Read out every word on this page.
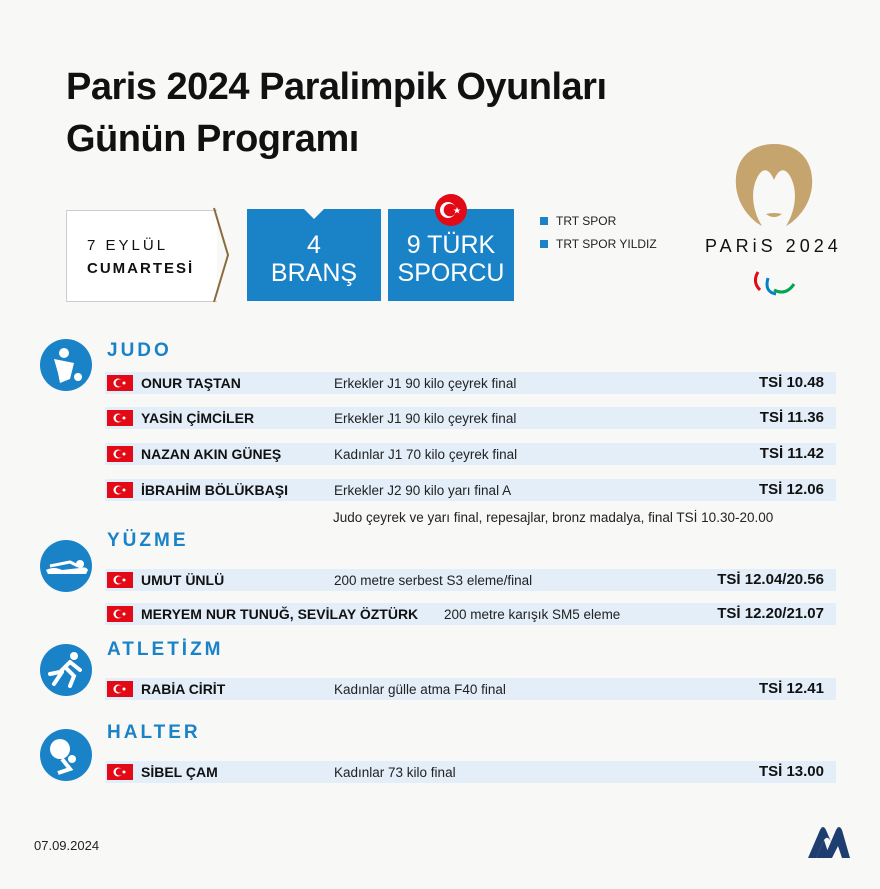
Paris 2024 Paralimpik Oyunları
Günün Programı
7 EYLÜL
CUMARTESİ
4
BRANŞ
9 TÜRK
SPORCU
TRT SPOR
TRT SPOR YILDIZ	PARiS 2024
JUDO
ONUR TAŞTAN	Erkekler J1 90 kilo çeyrek final	TSİ 10.48
YASİN ÇİMCİLER	Erkekler J1 90 kilo çeyrek final	TSİ 11.36
NAZAN AKIN GÜNEŞ	Kadınlar J1 70 kilo çeyrek final	TSİ 11.42
İBRAHİM BÖLÜKBAŞI	Erkekler J2 90 kilo yarı final A	TSİ 12.06
Judo çeyrek ve yarı final, repesajlar, bronz madalya, final TSİ 10.30-20.00
YÜZME
UMUT ÜNLÜ	200 metre serbest S3 eleme/final	TSİ 12.04/20.56
MERYEM NUR TUNUĞ, SEVİLAY ÖZTÜRK 200 metre karışık SM5 eleme	TSİ 12.20/21.07
ATLETİZM
RABİA CİRİT	Kadınlar gülle atma F40 final	TSİ 12.41
HALTER
SİBEL ÇAM	Kadınlar 73 kilo final	TSİ 13.00
07.09.2024
